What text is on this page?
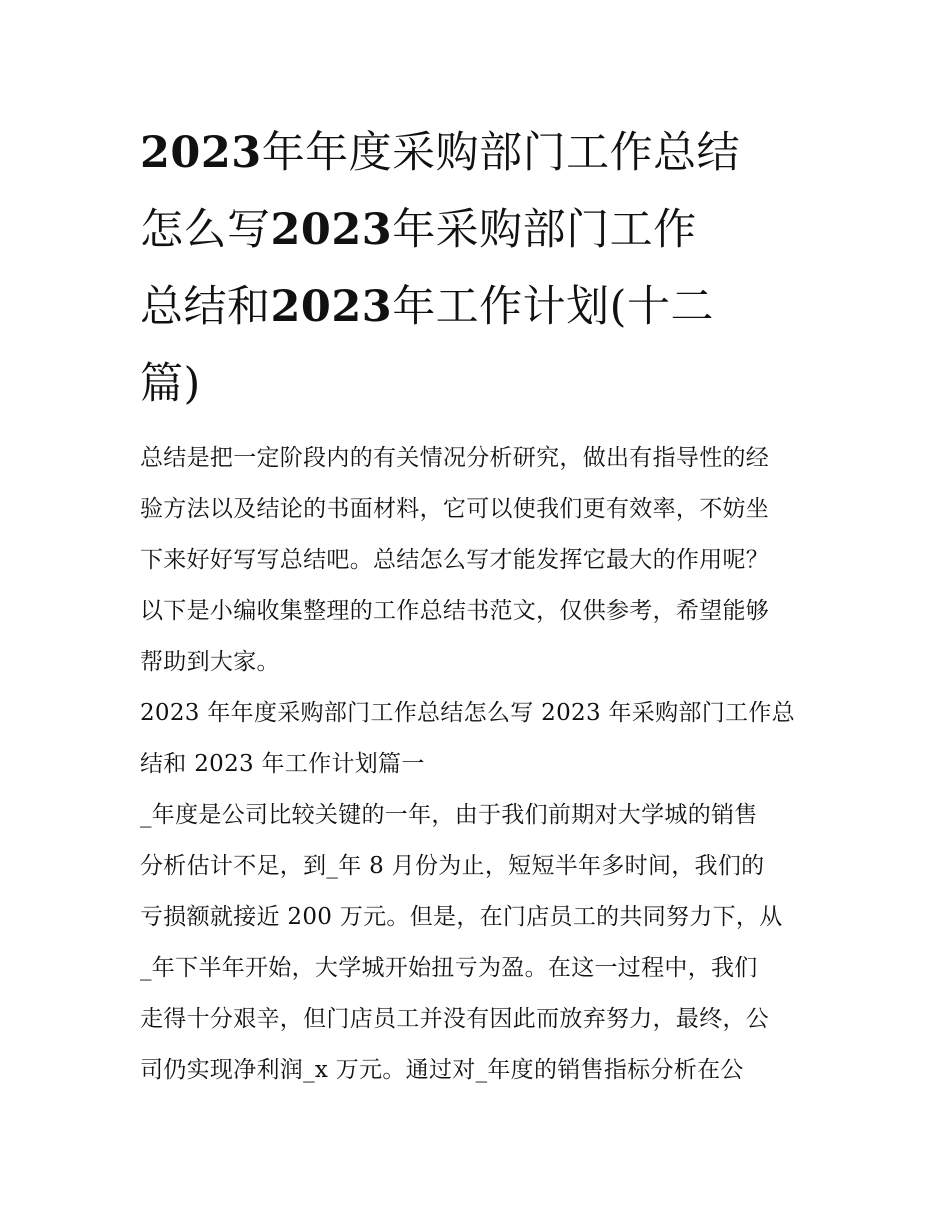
2023年年度采购部门工作总结
怎么写2023年采购部门工作
总结和2023年工作计划(十二
篇)
总结是把一定阶段内的有关情况分析研究，做出有指导性的经
验方法以及结论的书面材料，它可以使我们更有效率，不妨坐
下来好好写写总结吧。总结怎么写才能发挥它最大的作用呢？
以下是小编收集整理的工作总结书范文，仅供参考，希望能够
帮助到大家。
2023 年年度采购部门工作总结怎么写 2023 年采购部门工作总
结和 2023 年工作计划篇一
_年度是公司比较关键的一年，由于我们前期对大学城的销售
分析估计不足，到_年 8 月份为止，短短半年多时间，我们的
亏损额就接近 200 万元。但是，在门店员工的共同努力下，从
_年下半年开始，大学城开始扭亏为盈。在这一过程中，我们
走得十分艰辛，但门店员工并没有因此而放弃努力，最终，公
司仍实现净利润_x 万元。通过对_年度的销售指标分析在公
